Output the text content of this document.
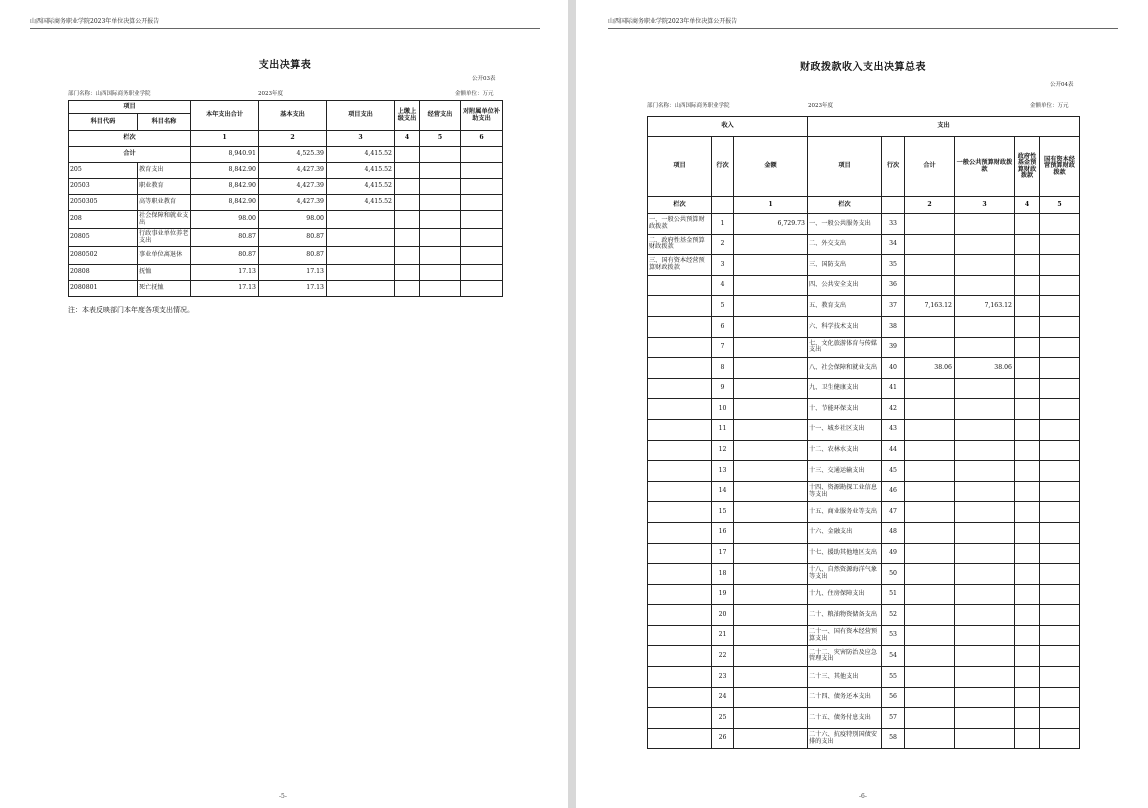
山西国际商务职业学院2023年单位决算公开报告
支出决算表
公开03表
部门名称：山西国际商务职业学院	2023年度	金额单位：万元
项目		本年支出合计	基本支出	项目支出	上缴上级支出	经营支出	对附属单位补助支出
科目代码	科目名称						
栏次		1	2	3	4	5	6
合计		8,940.91	4,525.39	4,415.52			
205	教育支出	8,842.90	4,427.39	4,415.52			
20503	职业教育	8,842.90	4,427.39	4,415.52			
2050305	高等职业教育	8,842.90	4,427.39	4,415.52			
208	社会保障和就业支出	98.00	98.00				
20805	行政事业单位养老支出	80.87	80.87				
2080502	事业单位离退休	80.87	80.87				
20808	抚恤	17.13	17.13				
2080801	死亡抚恤	17.13	17.13				
注：本表反映部门本年度各项支出情况。
-5-
山西国际商务职业学院2023年单位决算公开报告
财政拨款收入支出决算总表
公开04表
部门名称：山西国际商务职业学院	2023年度	金额单位：万元
收入			支出					
项目	行次	金额	项目	行次	合计	一般公共预算财政拨款	政府性基金预算财政拨款	国有资本经营预算财政拨款
栏次		1	栏次		2	3	4	5
一、一般公共预算财政拨款	1	6,729.73	一、一般公共服务支出	33				
二、政府性基金预算财政拨款	2		二、外交支出	34				
三、国有资本经营预算财政拨款	3		三、国防支出	35				
	4		四、公共安全支出	36				
	5		五、教育支出	37	7,163.12	7,163.12		
	6		六、科学技术支出	38				
	7		七、文化旅游体育与传媒支出	39				
	8		八、社会保障和就业支出	40	38.06	38.06		
	9		九、卫生健康支出	41				
	10		十、节能环保支出	42				
	11		十一、城乡社区支出	43				
	12		十二、农林水支出	44				
	13		十三、交通运输支出	45				
	14		十四、资源勘探工业信息等支出	46				
	15		十五、商业服务业等支出	47				
	16		十六、金融支出	48				
	17		十七、援助其他地区支出	49				
	18		十八、自然资源海洋气象等支出	50				
	19		十九、住房保障支出	51				
	20		二十、粮油物资储备支出	52				
	21		二十一、国有资本经营预算支出	53				
	22		二十二、灾害防治及应急管理支出	54				
	23		二十三、其他支出	55				
	24		二十四、债务还本支出	56				
	25		二十五、债务付息支出	57				
	26		二十六、抗疫特别国债安排的支出	58				
-6-
